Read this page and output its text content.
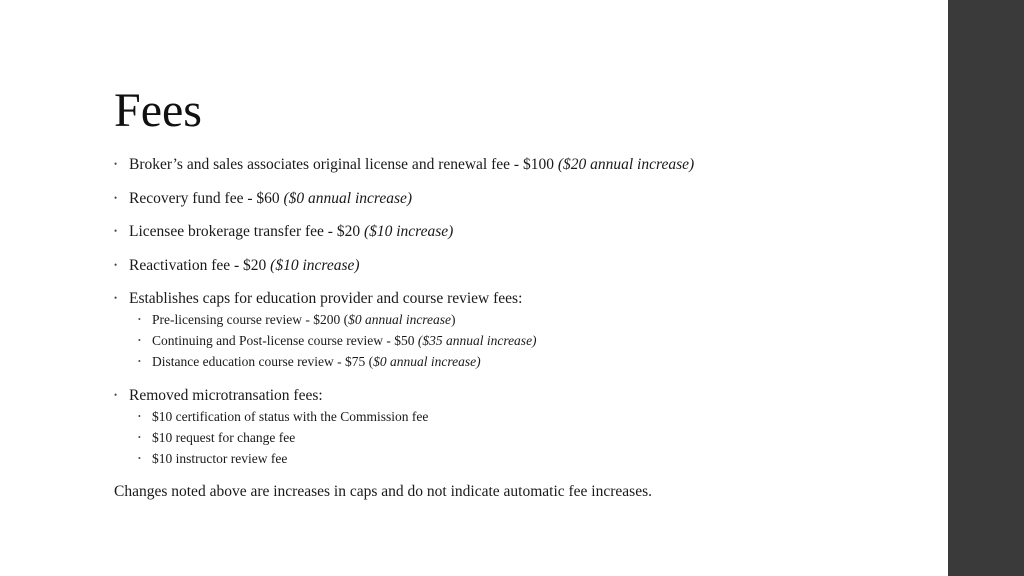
Fees
• Broker’s and sales associates original license and renewal fee - $100 ($20 annual increase)
• Recovery fund fee - $60 ($0 annual increase)
• Licensee brokerage transfer fee - $20 ($10 increase)
• Reactivation fee - $20 ($10 increase)
• Establishes caps for education provider and course review fees:
• Pre-licensing course review - $200 ($0 annual increase)
• Continuing and Post-license course review - $50 ($35 annual increase)
• Distance education course review - $75 ($0 annual increase)
• Removed microtransation fees:
• $10 certification of status with the Commission fee
• $10 request for change fee
• $10 instructor review fee
Changes noted above are increases in caps and do not indicate automatic fee increases.
